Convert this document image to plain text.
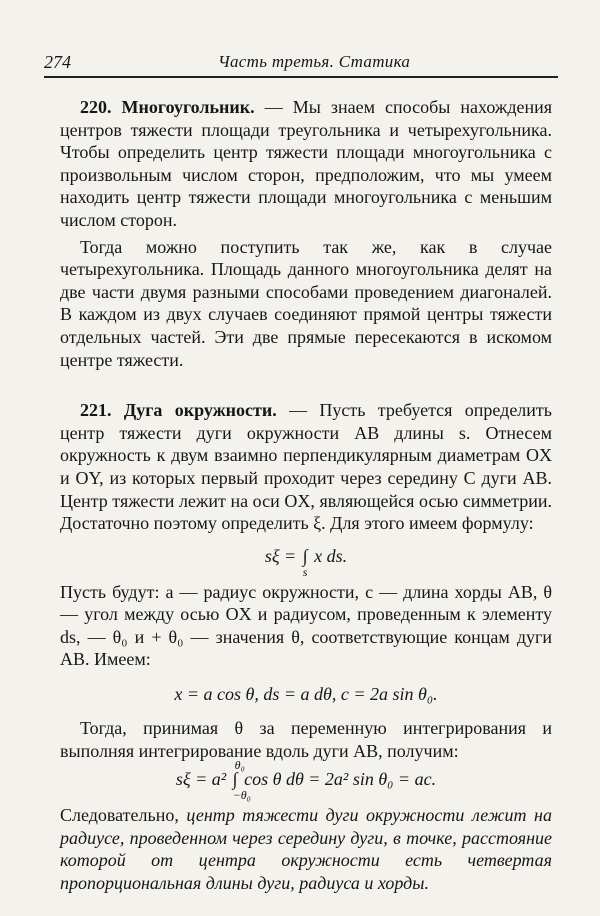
274	Часть третья. Статика

220. Многоугольник. — Мы знаем способы нахождения центров тяжести площади треугольника и четырехугольника. Чтобы определить центр тяжести площади многоугольника с произвольным числом сторон, предположим, что мы умеем находить центр тяжести площади многоугольника с меньшим числом сторон.

Тогда можно поступить так же, как в случае четырехугольника. Площадь данного многоугольника делят на две части двумя разными способами проведением диагоналей. В каждом из двух случаев соединяют прямой центры тяжести отдельных частей. Эти две прямые пересекаются в искомом центре тяжести.

221. Дуга окружности. — Пусть требуется определить центр тяжести дуги окружности AB длины s. Отнесем окружность к двум взаимно перпендикулярным диаметрам OX и OY, из которых первый проходит через середину C дуги AB. Центр тяжести лежит на оси OX, являющейся осью симметрии. Достаточно поэтому определить ξ. Для этого имеем формулу:

sξ = ∫
s
x ds.

Пусть будут: a — радиус окружности, c — длина хорды AB, θ — угол между осью OX и радиусом, проведенным к элементу ds, — θ₀ и + θ₀ — значения θ, соответствующие концам дуги AB. Имеем:

x = a cos θ, ds = a dθ, c = 2a sin θ₀.

Тогда, принимая θ за переменную интегрирования и выполняя интегрирование вдоль дуги AB, получим:

sξ = a²
θ₀
∫
−θ₀
cos θ dθ = 2a² sin θ₀ = ac.

Следовательно, центр тяжести дуги окружности лежит на радиусе, проведенном через середину дуги, в точке, расстояние которой от центра окружности есть четвертая пропорциональная длины дуги, радиуса и хорды.
